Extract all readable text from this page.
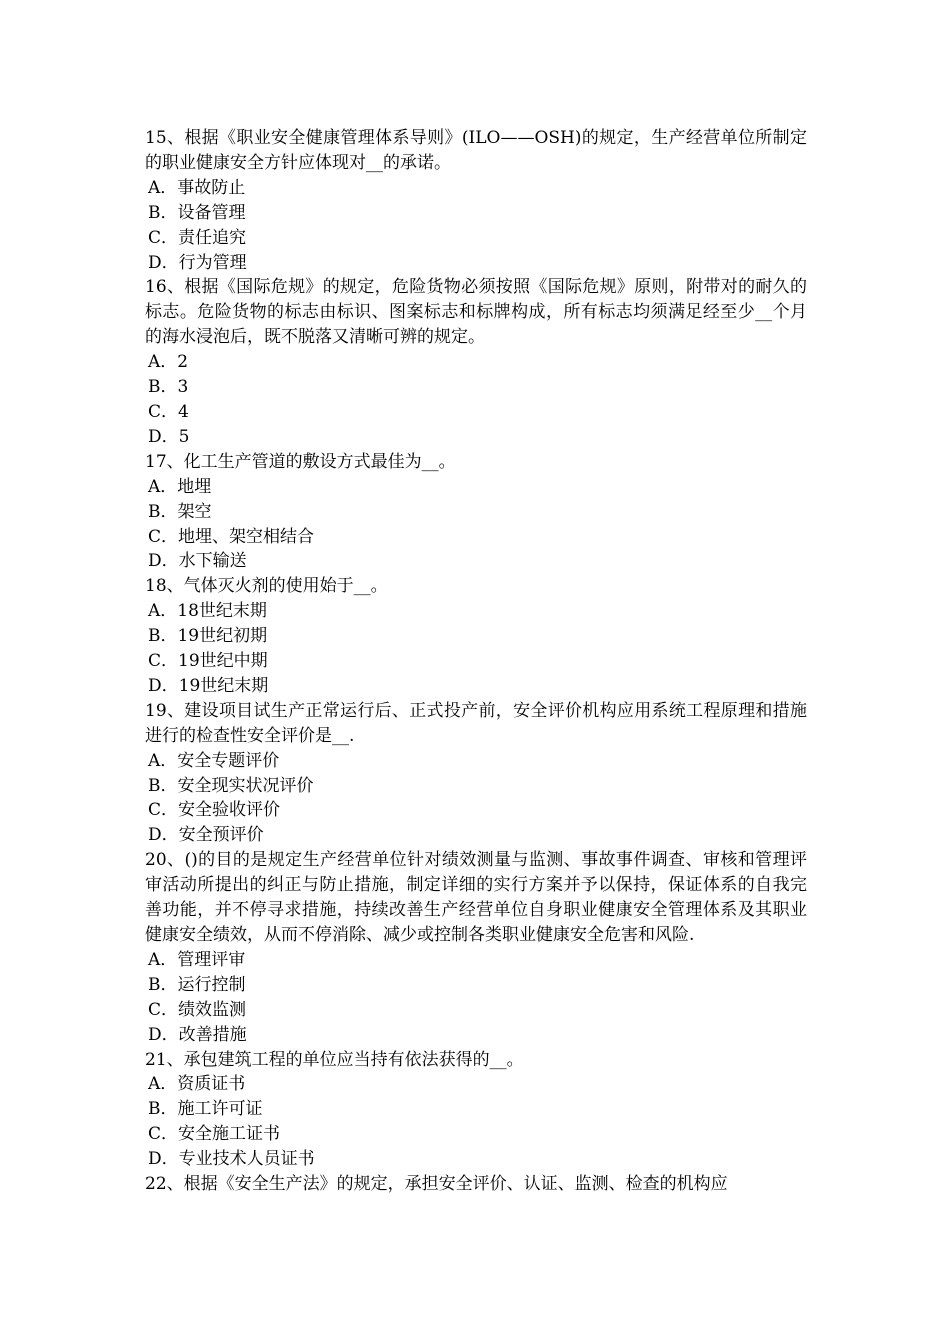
15、根据《职业安全健康管理体系导则》(ILO——OSH)的规定，生产经营单位所制定的职业健康安全方针应体现对__的承诺。

A．事故防止

B．设备管理

C．责任追究

D．行为管理

16、根据《国际危规》的规定，危险货物必须按照《国际危规》原则，附带对的耐久的标志。危险货物的标志由标识、图案标志和标牌构成，所有标志均须满足经至少__个月的海水浸泡后，既不脱落又清晰可辨的规定。

A．2

B．3

C．4

D．5

17、化工生产管道的敷设方式最佳为__。

A．地埋

B．架空

C．地埋、架空相结合

D．水下输送

18、气体灭火剂的使用始于__。

A．18世纪末期

B．19世纪初期

C．19世纪中期

D．19世纪末期

19、建设项目试生产正常运行后、正式投产前，安全评价机构应用系统工程原理和措施进行的检查性安全评价是__.

A．安全专题评价

B．安全现实状况评价

C．安全验收评价

D．安全预评价

20、()的目的是规定生产经营单位针对绩效测量与监测、事故事件调查、审核和管理评审活动所提出的纠正与防止措施，制定详细的实行方案并予以保持，保证体系的自我完善功能，并不停寻求措施，持续改善生产经营单位自身职业健康安全管理体系及其职业健康安全绩效，从而不停消除、减少或控制各类职业健康安全危害和风险.

A．管理评审

B．运行控制

C．绩效监测

D．改善措施

21、承包建筑工程的单位应当持有依法获得的__。

A．资质证书

B．施工许可证

C．安全施工证书

D．专业技术人员证书

22、根据《安全生产法》的规定，承担安全评价、认证、监测、检查的机构应
